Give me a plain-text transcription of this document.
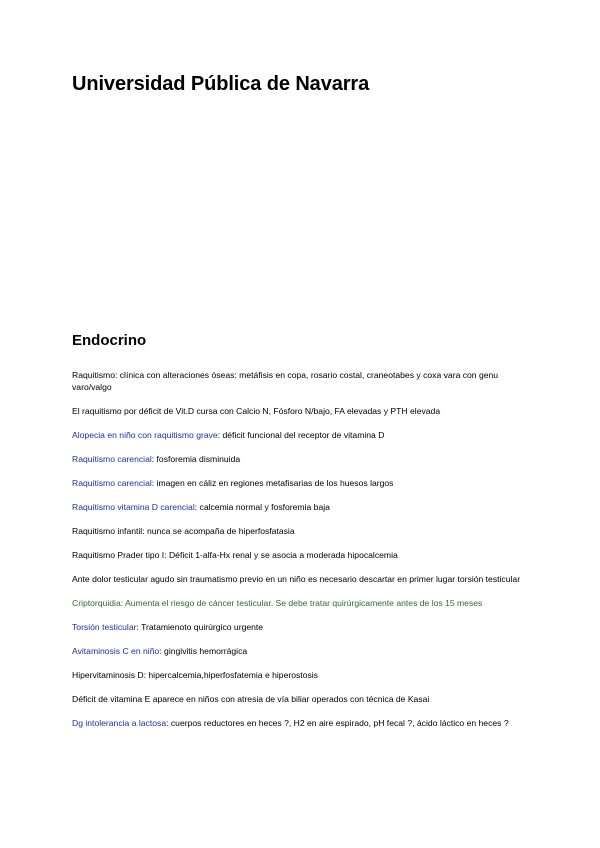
Universidad Pública de Navarra
Endocrino
Raquitismo: clínica con alteraciones óseas: metáfisis en copa, rosario costal, craneotabes y coxa vara con genu varo/valgo
El raquitismo por déficit de Vit.D cursa con Calcio N, Fósforo N/bajo, FA elevadas y PTH elevada
Alopecia en niño con raquitismo grave: déficit funcional del receptor de vitamina D
Raquitismo carencial: fosforemia disminuida
Raquitismo carencial: imagen en cáliz en regiones metafisarias de los huesos largos
Raquitismo vitamina D carencial: calcemia normal y fosforemia baja
Raquitismo infantil: nunca se acompaña de hiperfosfatasia
Raquitismo Prader tipo I: Déficit 1-alfa-Hx renal y se asocia a moderada hipocalcemia
Ante dolor testicular agudo sin traumatismo previo en un niño es necesario descartar en primer lugar torsión testicular
Criptorquidia: Aumenta el riesgo de cáncer testicular. Se debe tratar quirúrgicamente antes de los 15 meses
Torsión testicular: Tratamienoto quirúrgico urgente
Avitaminosis C en niño: gingivitis hemorrágica
Hipervitaminosis D: hipercalcemia,hiperfosfatemia e hiperostosis
Déficit de vitamina E aparece en niños con atresia de vía biliar operados con técnica de Kasai
Dg intolerancia a lactosa: cuerpos reductores en heces ?, H2 en aire espirado, pH fecal ?, ácido láctico en heces ?
